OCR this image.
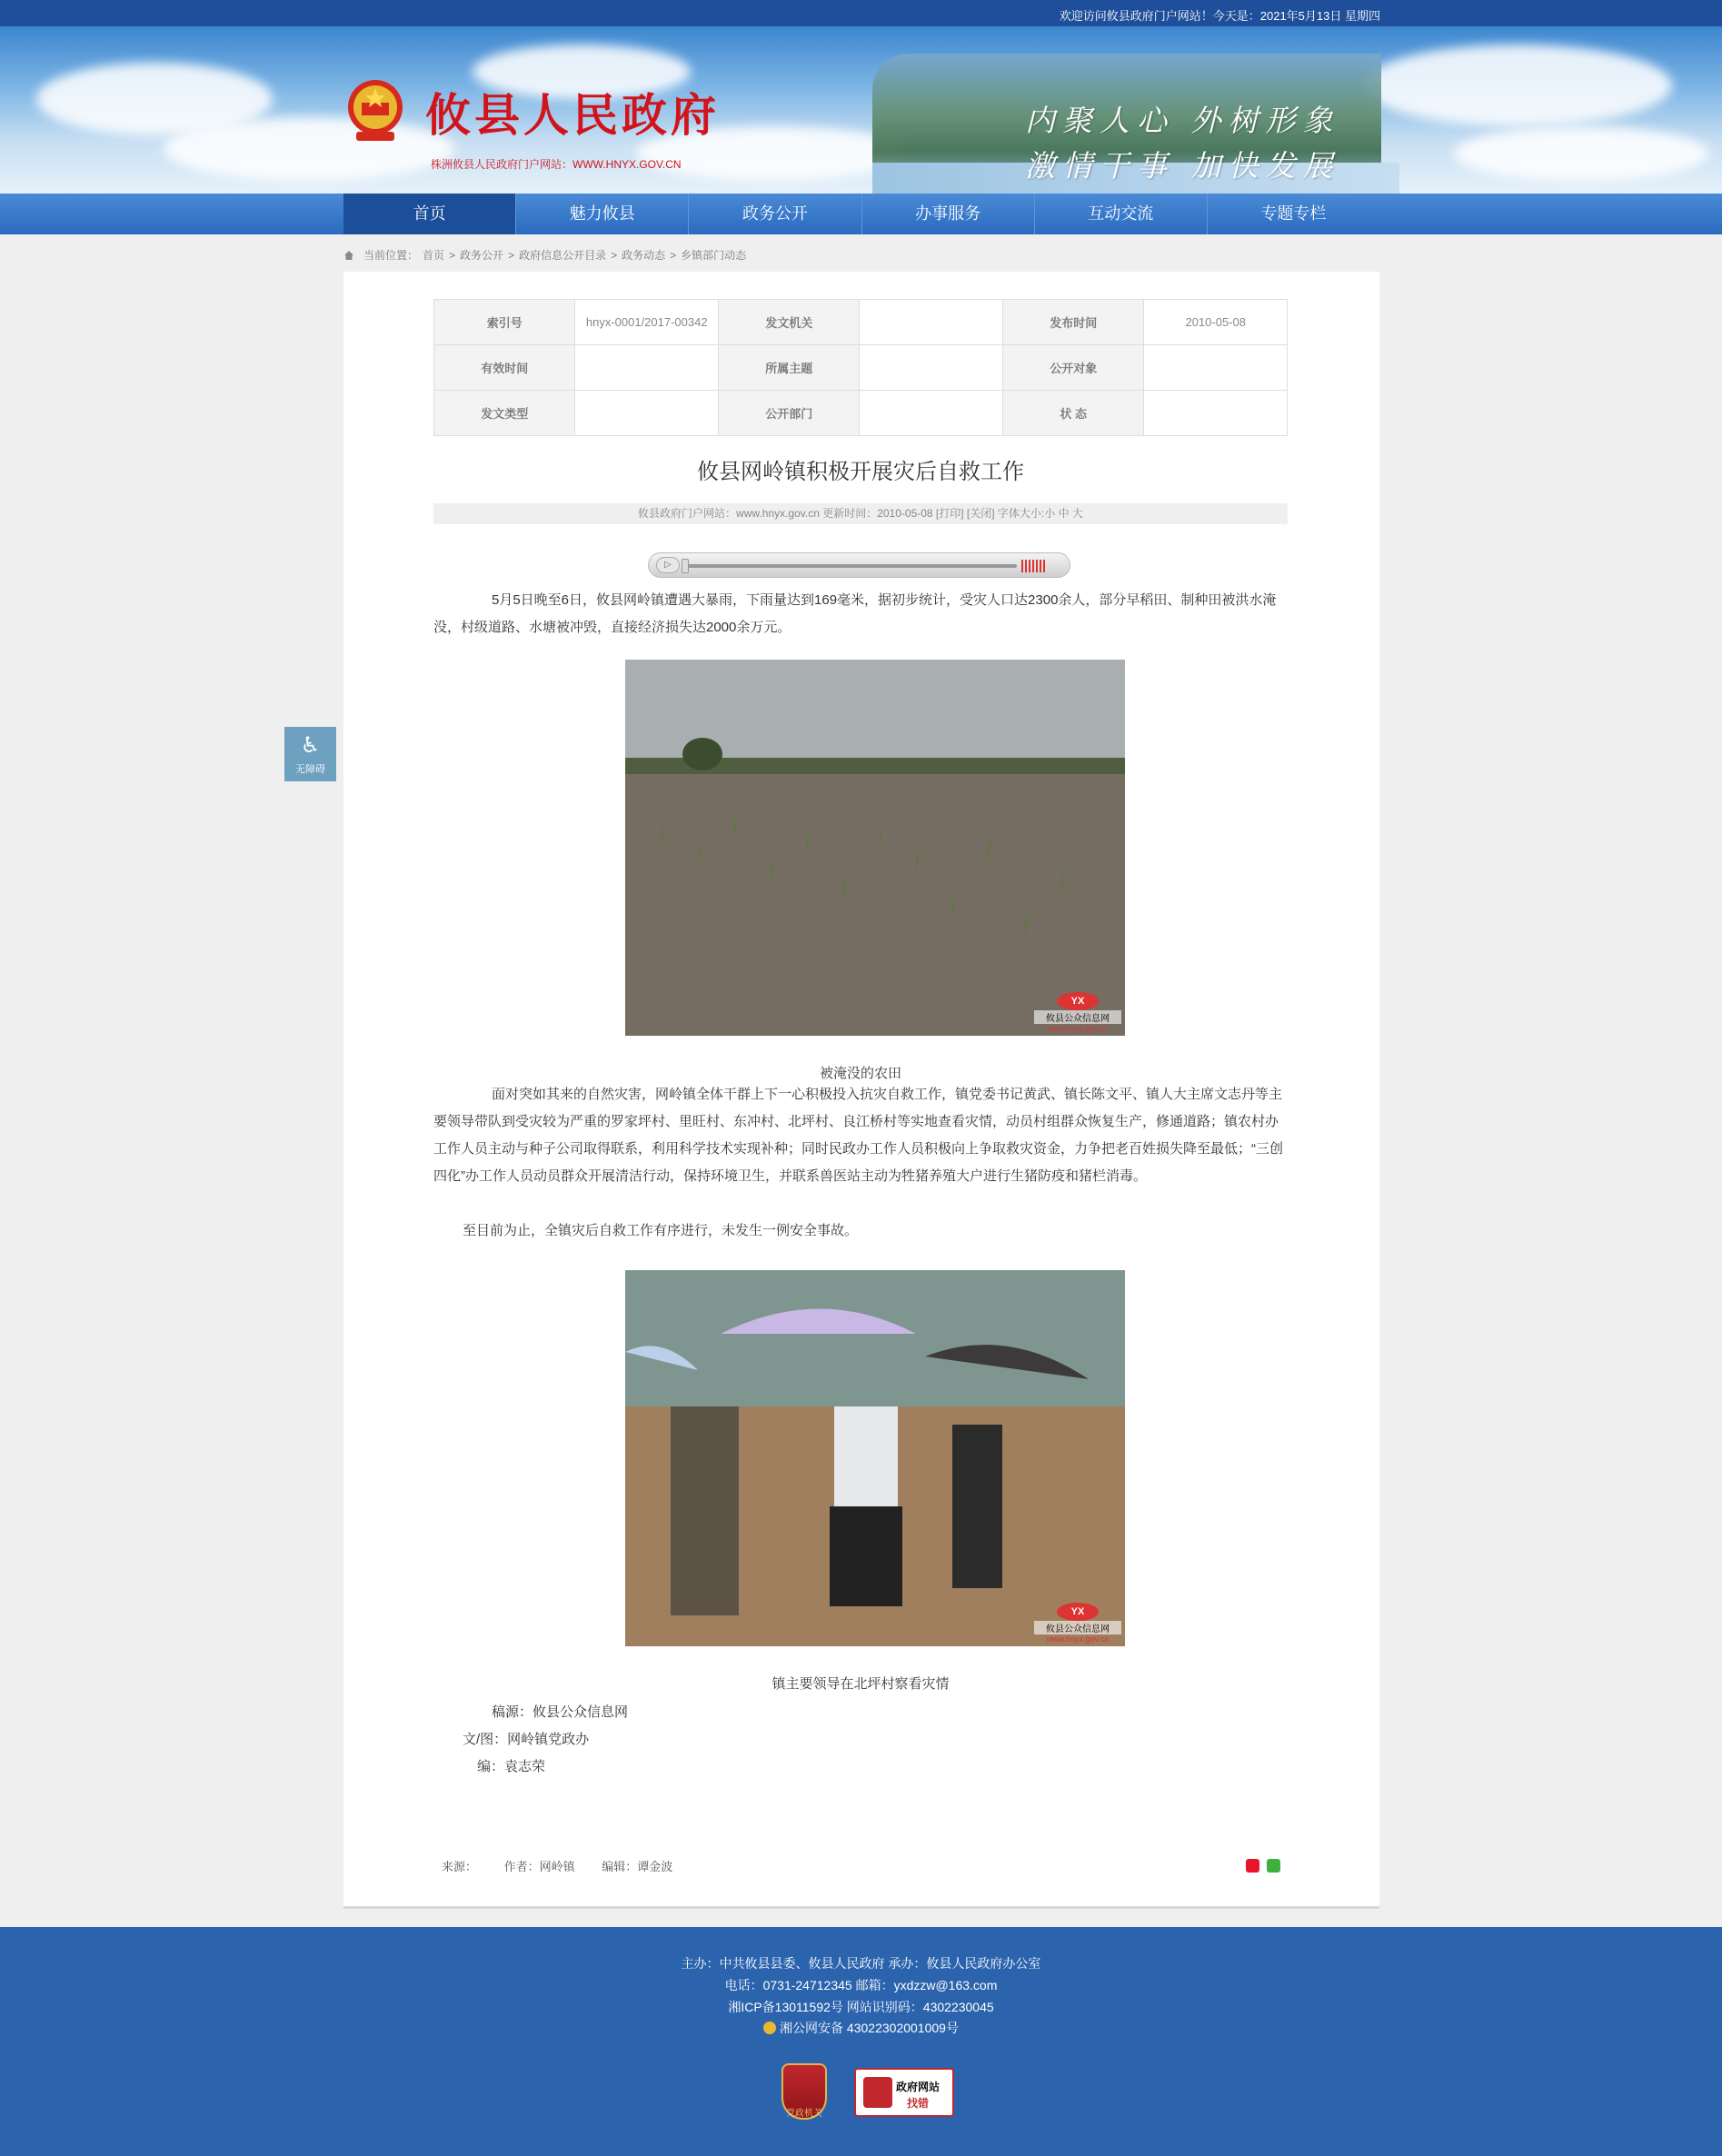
欢迎访问攸县政府门户网站！今天是：2021年5月13日 星期四
攸县人民政府
株洲攸县人民政府门户网站：WWW.HNYX.GOV.CN
内聚人心 外树形象
激情干事 加快发展
首页	魅力攸县	政务公开	办事服务	互动交流	专题专栏
当前位置： 首页 > 政务公开 > 政府信息公开目录 > 政务动态 > 乡镇部门动态
♿
无障碍
索引号	hnyx-0001/2017-00342	发文机关		发布时间	2010-05-08
有效时间		所属主题		公开对象	
发文类型		公开部门		状 态	
攸县网岭镇积极开展灾后自救工作
攸县政府门户网站：www.hnyx.gov.cn 更新时间：2010-05-08 [打印] [关闭] 字体大小:小 中 大
▷
5月5日晚至6日，攸县网岭镇遭遇大暴雨，下雨量达到169毫米，据初步统计，受灾人口达2300余人，部分早稻田、制种田被洪水淹没，村级道路、水塘被冲毁，直接经济损失达2000余万元。
YX
攸县公众信息网
www.hnyx.gov.cn
被淹没的农田
面对突如其来的自然灾害，网岭镇全体干群上下一心积极投入抗灾自救工作，镇党委书记黄武、镇长陈文平、镇人大主席文志丹等主要领导带队到受灾较为严重的罗家坪村、里旺村、东冲村、北坪村、良江桥村等实地查看灾情，动员村组群众恢复生产，修通道路；镇农村办工作人员主动与种子公司取得联系，利用科学技术实现补种；同时民政办工作人员积极向上争取救灾资金，力争把老百姓损失降至最低；“三创四化”办工作人员动员群众开展清洁行动，保持环境卫生，并联系兽医站主动为牲猪养殖大户进行生猪防疫和猪栏消毒。
至目前为止，全镇灾后自救工作有序进行，未发生一例安全事故。
YX
攸县公众信息网
www.hnyx.gov.cn
镇主要领导在北坪村察看灾情
稿源：攸县公众信息网
文/图：网岭镇党政办
编：袁志荣
来源： 作者：网岭镇 编辑：谭金波
主办：中共攸县县委、攸县人民政府 承办：攸县人民政府办公室
电话：0731-24712345 邮箱：yxdzzw@163.com
湘ICP备13011592号 网站识别码：4302230045
湘公网安备 43022302001009号
党政机关
政府网站
找错
